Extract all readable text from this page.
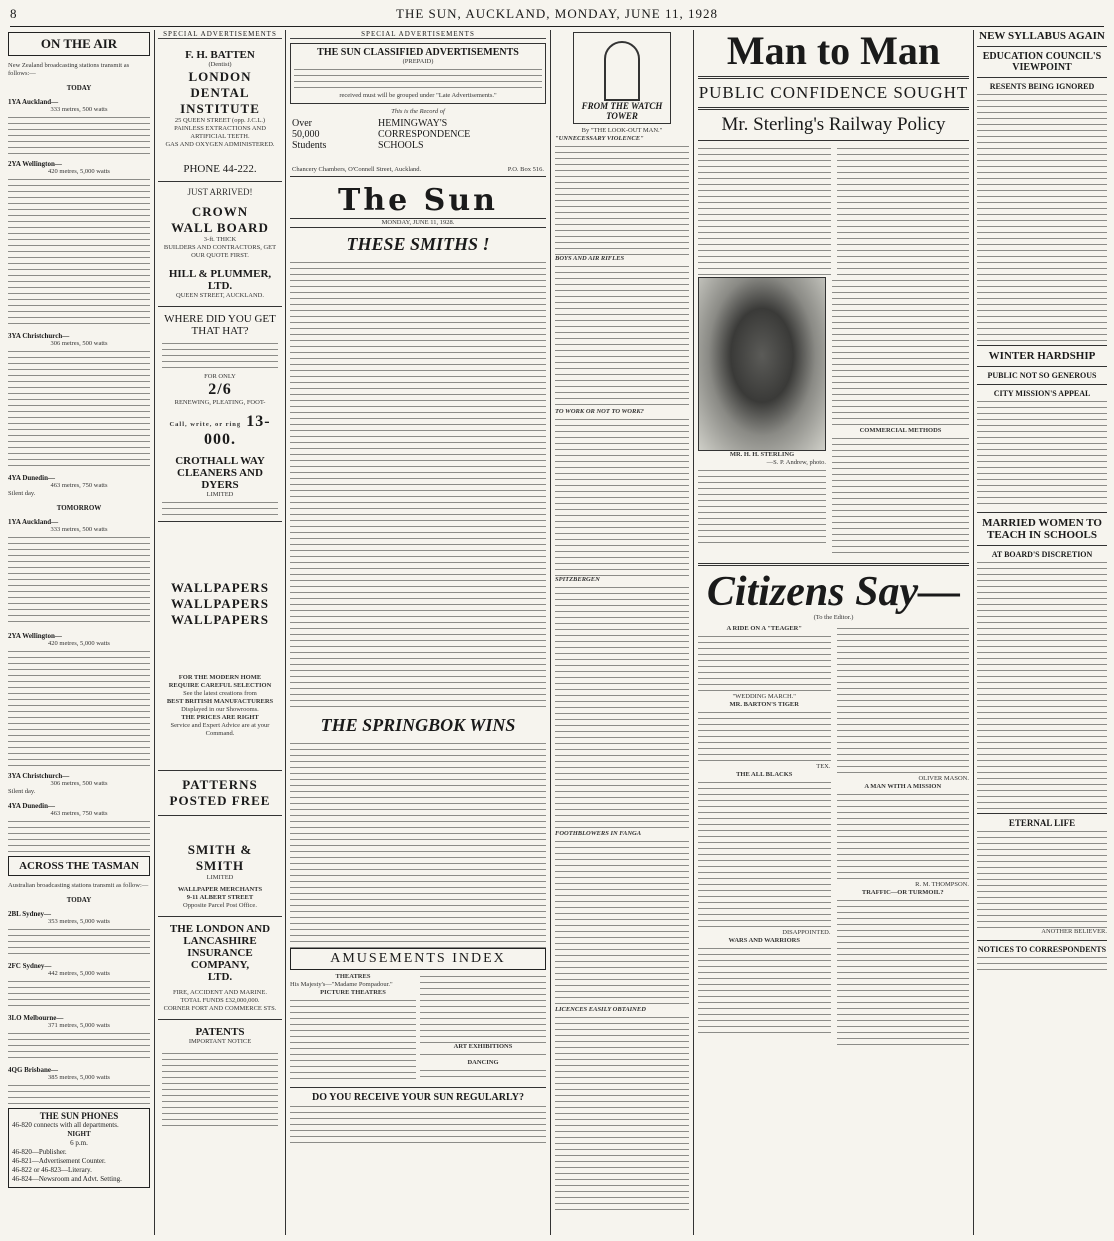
8	THE SUN, AUCKLAND, MONDAY, JUNE 11, 1928
ON THE AIR
New Zealand broadcasting stations transmit as follows:—
TODAY
1YA Auckland—
333 metres, 500 watts
2YA Wellington—
420 metres, 5,000 watts
3YA Christchurch—
306 metres, 500 watts
4YA Dunedin—
463 metres, 750 watts
Silent day.
TOMORROW
1YA Auckland—
333 metres, 500 watts
2YA Wellington—
420 metres, 5,000 watts
3YA Christchurch—
306 metres, 500 watts
Silent day.
4YA Dunedin—
463 metres, 750 watts
ACROSS THE TASMAN
Australian broadcasting stations transmit as follow:—
TODAY
2BL Sydney—
353 metres, 5,000 watts
2FC Sydney—
442 metres, 5,000 watts
3LO Melbourne—
371 metres, 5,000 watts
4QG Brisbane—
385 metres, 5,000 watts
THE SUN PHONES
46-820 connects with all departments.
NIGHT
6 p.m.
46-820—Publisher.
46-821—Advertisement Counter.
46-822 or 46-823—Literary.
46-824—Newsroom and Advt. Setting.
SPECIAL ADVERTISEMENTS
F. H. BATTEN
(Dentist)
LONDON DENTAL
INSTITUTE
25 QUEEN STREET (opp. J.C.L.)
PAINLESS EXTRACTIONS AND ARTIFICIAL TEETH.
GAS AND OXYGEN ADMINISTERED.
PHONE 44-222.
JUST ARRIVED!
CROWN
WALL BOARD
3-ft. THICK
BUILDERS AND CONTRACTORS, GET OUR QUOTE FIRST.
HILL & PLUMMER, LTD.
QUEEN STREET, AUCKLAND.
WHERE DID YOU GET THAT HAT?
FOR ONLY
2/6
RENEWING, PLEATING, FOOT-
Call, write, or ring 13-000.
CROTHALL WAY CLEANERS AND DYERS
LIMITED
WALLPAPERS
WALLPAPERS
WALLPAPERS
FOR THE MODERN HOME
REQUIRE CAREFUL SELECTION
See the latest creations from
BEST BRITISH MANUFACTURERS
Displayed in our Showrooms.
THE PRICES ARE RIGHT
Service and Expert Advice are at your Command.
PATTERNS
POSTED FREE
SMITH & SMITH
LIMITED
WALLPAPER MERCHANTS
9-11 ALBERT STREET
Opposite Parcel Post Office.
THE LONDON AND
LANCASHIRE
INSURANCE COMPANY,
LTD.
FIRE, ACCIDENT AND MARINE.
TOTAL FUNDS £32,000,000.
CORNER FORT AND COMMERCE STS.
PATENTS
IMPORTANT NOTICE
SPECIAL ADVERTISEMENTS
THE SUN CLASSIFIED ADVERTISEMENTS
(PREPAID)
received must will be grouped under "Late Advertisements."
This is the Record of
Over
50,000
Students
HEMINGWAY'S
CORRESPONDENCE
SCHOOLS
Chancery Chambers, O'Connell Street, Auckland.	P.O. Box 516.
The Sun
MONDAY, JUNE 11, 1928.
THESE SMITHS !
THE SPRINGBOK WINS
AMUSEMENTS INDEX
THEATRES
His Majesty's—"Madame Pompadour."
PICTURE THEATRES
ART EXHIBITIONS
DANCING
DO YOU RECEIVE YOUR SUN REGULARLY?
FROM THE WATCH TOWER
By "THE LOOK-OUT MAN."
"UNNECESSARY VIOLENCE"
BOYS AND AIR RIFLES
TO WORK OR NOT TO WORK?
SPITZBERGEN
FOOTHBLOWERS IN FANGA
LICENCES EASILY OBTAINED
Man to Man
PUBLIC CONFIDENCE SOUGHT
Mr. Sterling's Railway Policy
MR. H. H. STERLING
—S. P. Andrew, photo.
COMMERCIAL METHODS
Citizens Say—
(To the Editor.)
A RIDE ON A "TEAGER"
"WEDDING MARCH."
MR. BARTON'S TIGER
TEX.
THE ALL BLACKS
DISAPPOINTED.
WARS AND WARRIORS
OLIVER MASON.
A MAN WITH A MISSION
R. M. THOMPSON.
TRAFFIC—OR TURMOIL?
NEW SYLLABUS AGAIN
EDUCATION COUNCIL'S VIEWPOINT
RESENTS BEING IGNORED
WINTER HARDSHIP
PUBLIC NOT SO GENEROUS
CITY MISSION'S APPEAL
MARRIED WOMEN TO TEACH IN SCHOOLS
AT BOARD'S DISCRETION
ETERNAL LIFE
ANOTHER BELIEVER.
NOTICES TO CORRESPONDENTS
